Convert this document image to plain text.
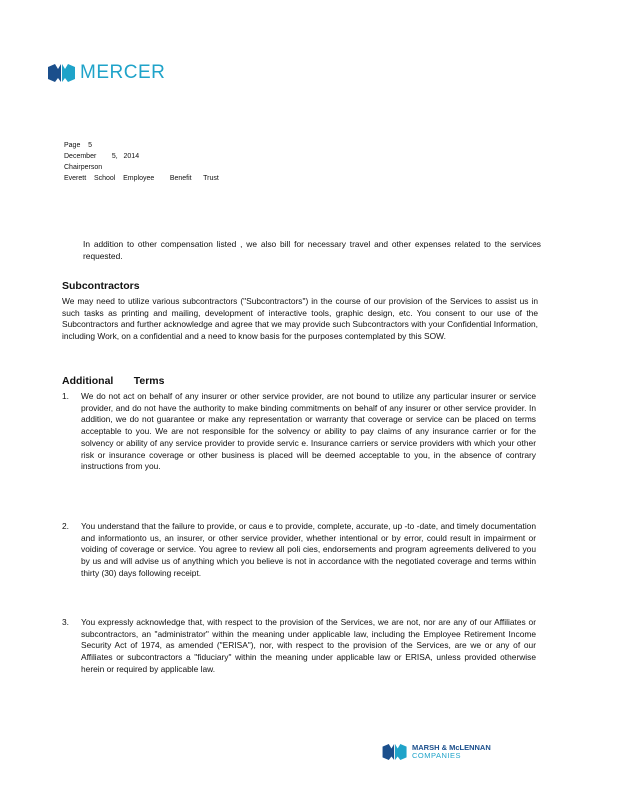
MERCER
Page    5
December        5,   2014
Chairperson
Everett    School    Employee        Benefit      Trust
In addition to other compensation listed , we also bill for necessary travel and other expenses related to the services requested.
Subcontractors
We may need to utilize various subcontractors ("Subcontractors") in the course of our provision of the Services to assist us in such tasks as printing and mailing, development of interactive tools, graphic design, etc. You consent to our use of the Subcontractors and further acknowledge and agree that we may provide such Subcontractors with your Confidential Information, including Work, on a confidential and a need to know basis for the purposes contemplated by this SOW.
Additional       Terms
1. We do not act on behalf of any insurer or other service provider, are not bound to utilize any particular insurer or service provider, and do not have the authority to make binding commitments on behalf of any insurer or other service provider. In addition, we do not guarantee or make any representation or warranty that coverage or service can be placed on terms acceptable to you. We are not responsible for the solvency or ability to pay claims of any insurance carrier or for the solvency or ability of any service provider to provide servic e. Insurance carriers or service providers with which your other risk or insurance coverage or other business is placed will be deemed acceptable to you, in the absence of contrary instructions from you.
2. You understand that the failure to provide, or caus e to provide, complete, accurate, up -to -date, and timely documentation and informationto us, an insurer, or other service provider, whether intentional or by error, could result in impairment or voiding of coverage or service. You agree to review all poli cies, endorsements and program agreements delivered to you by us and will advise us of anything which you believe is not in accordance with the negotiated coverage and terms within thirty (30) days following receipt.
3. You expressly acknowledge that, with respect to the provision of the Services, we are not, nor are any of our Affiliates or subcontractors, an "administrator" within the meaning under applicable law, including the Employee Retirement Income Security Act of 1974, as amended ("ERISA"), nor, with respect to the provision of the Services, are we or any of our Affiliates or subcontractors a "fiduciary" within the meaning under applicable law or ERISA, unless provided otherwise herein or required by applicable law.
MARSH & McLENNAN
COMPANIES
